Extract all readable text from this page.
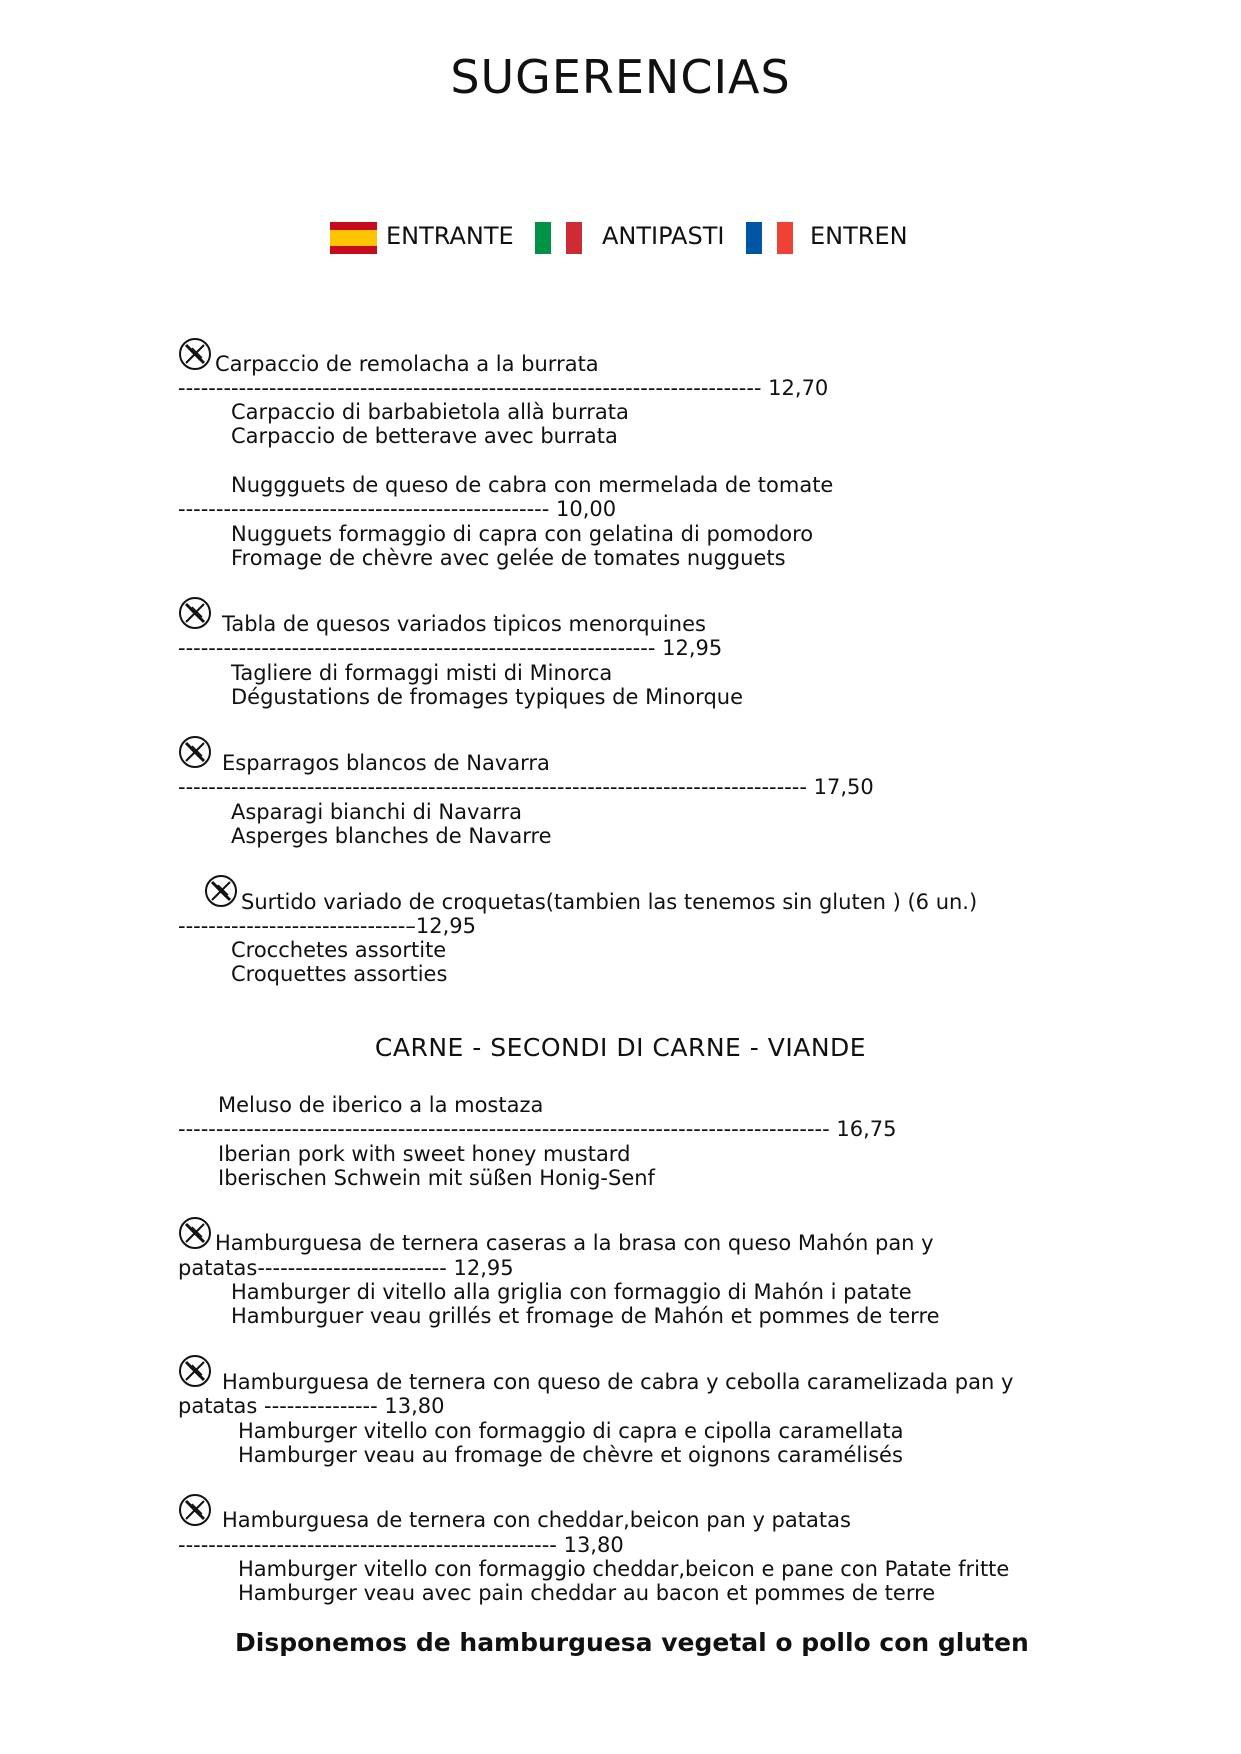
SUGERENCIAS
ENTRANTE	ANTIPASTI	ENTREN
Carpaccio de remolacha a la burrata
----------------------------------------------------------------------------- 12,70
Carpaccio di barbabietola allà burrata
Carpaccio de betterave avec burrata
Nuggguets de queso de cabra con mermelada de tomate
------------------------------------------------- 10,00
Nugguets formaggio di capra con gelatina di pomodoro
Fromage de chèvre avec gelée de tomates nugguets
Tabla de quesos variados tipicos menorquines
--------------------------------------------------------------- 12,95
Tagliere di formaggi misti di Minorca
Dégustations de fromages typiques de Minorque
Esparragos blancos de Navarra
----------------------------------------------------------------------------------- 17,50
Asparagi bianchi di Navarra
Asperges blanches de Navarre
Surtido variado de croquetas(tambien las tenemos sin gluten ) (6 un.)
------------------------------–12,95
Crocchetes assortite
Croquettes assorties
CARNE - SECONDI DI CARNE - VIANDE
Meluso de iberico a la mostaza
-------------------------------------------------------------------------------------- 16,75
Iberian pork with sweet honey mustard
Iberischen Schwein mit süßen Honig-Senf
Hamburguesa de ternera caseras a la brasa con queso Mahón pan y
patatas------------------------- 12,95
Hamburger di vitello alla griglia con formaggio di Mahón i patate
Hamburguer veau grillés et fromage de Mahón et pommes de terre
Hamburguesa de ternera con queso de cabra y cebolla caramelizada pan y
patatas --------------- 13,80
Hamburger vitello con formaggio di capra e cipolla caramellata
Hamburger veau au fromage de chèvre et oignons caramélisés
Hamburguesa de ternera con cheddar,beicon pan y patatas
-------------------------------------------------- 13,80
Hamburger vitello con formaggio cheddar,beicon e pane con Patate fritte
Hamburger veau avec pain cheddar au bacon et pommes de terre
Disponemos de hamburguesa vegetal o pollo con gluten
